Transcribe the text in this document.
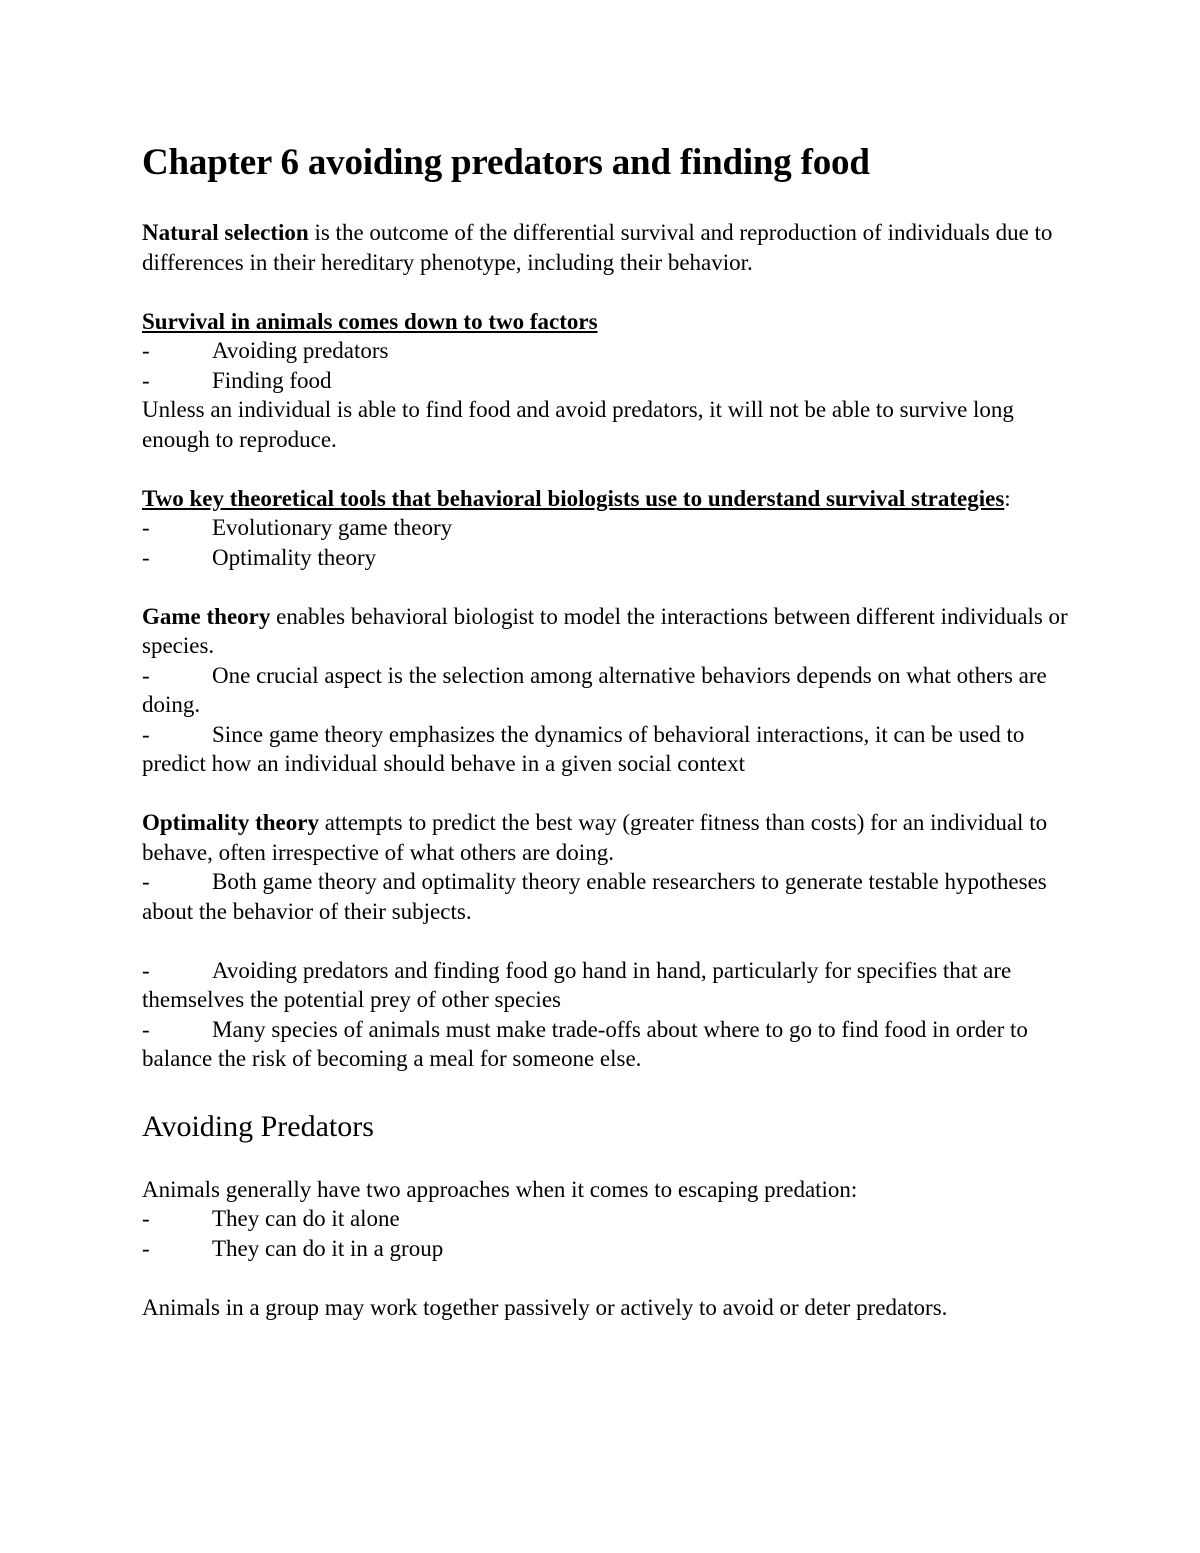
Chapter 6 avoiding predators and finding food

Natural selection is the outcome of the differential survival and reproduction of individuals due to differences in their hereditary phenotype, including their behavior.

Survival in animals comes down to two factors

-	Avoiding predators

-	Finding food

Unless an individual is able to find food and avoid predators, it will not be able to survive long enough to reproduce.

Two key theoretical tools that behavioral biologists use to understand survival strategies:

-	Evolutionary game theory

-	Optimality theory

Game theory enables behavioral biologist to model the interactions between different individuals or species.

-	One crucial aspect is the selection among alternative behaviors depends on what others are doing.

-	Since game theory emphasizes the dynamics of behavioral interactions, it can be used to predict how an individual should behave in a given social context

Optimality theory attempts to predict the best way (greater fitness than costs) for an individual to behave, often irrespective of what others are doing.

-	Both game theory and optimality theory enable researchers to generate testable hypotheses about the behavior of their subjects.

-	Avoiding predators and finding food go hand in hand, particularly for specifies that are themselves the potential prey of other species

-	Many species of animals must make trade-offs about where to go to find food in order to balance the risk of becoming a meal for someone else.

Avoiding Predators

Animals generally have two approaches when it comes to escaping predation:

-	They can do it alone

-	They can do it in a group

Animals in a group may work together passively or actively to avoid or deter predators.
